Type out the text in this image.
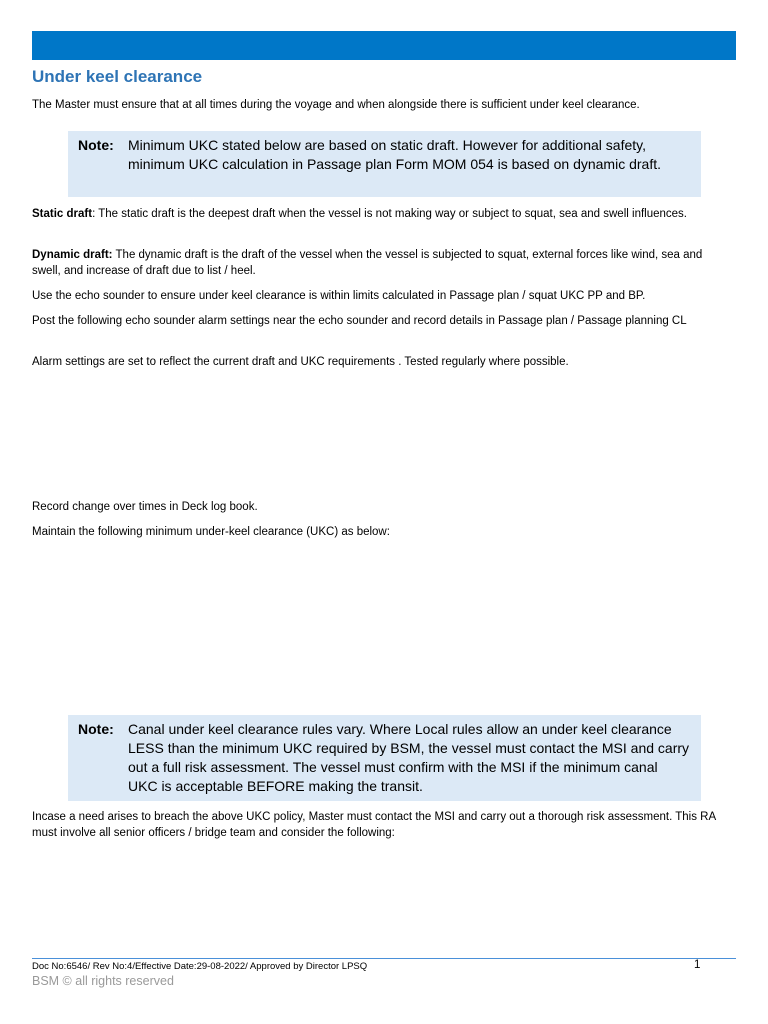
Under keel clearance

The Master must ensure that at all times during the voyage and when alongside there is sufficient under keel clearance.

Note:	Minimum UKC stated below are based on static draft. However for additional safety, minimum UKC calculation in Passage plan Form MOM 054 is based on dynamic draft.

Static draft: The static draft is the deepest draft when the vessel is not making way or subject to squat, sea and swell influences.

Dynamic draft: The dynamic draft is the draft of the vessel when the vessel is subjected to squat, external forces like wind, sea and swell, and increase of draft due to list / heel.

Use the echo sounder to ensure under keel clearance is within limits calculated in Passage plan / squat UKC PP and BP.

Post the following echo sounder alarm settings near the echo sounder and record details in Passage plan / Passage planning CL

Alarm settings are set to reflect the current draft and UKC requirements . Tested regularly where possible.

Record change over times in Deck log book.

Maintain the following minimum under-keel clearance (UKC) as below:

Note:	Canal under keel clearance rules vary. Where Local rules allow an under keel clearance LESS than the minimum UKC required by BSM, the vessel must contact the MSI and carry out a full risk assessment. The vessel must confirm with the MSI if the minimum canal UKC is acceptable BEFORE making the transit.

Incase a need arises to breach the above UKC policy, Master must contact the MSI and carry out a thorough risk assessment. This RA must involve all senior officers / bridge team and consider the following:

Doc No:6546/ Rev No:4/Effective Date:29-08-2022/ Approved by Director LPSQ	1
BSM © all rights reserved
